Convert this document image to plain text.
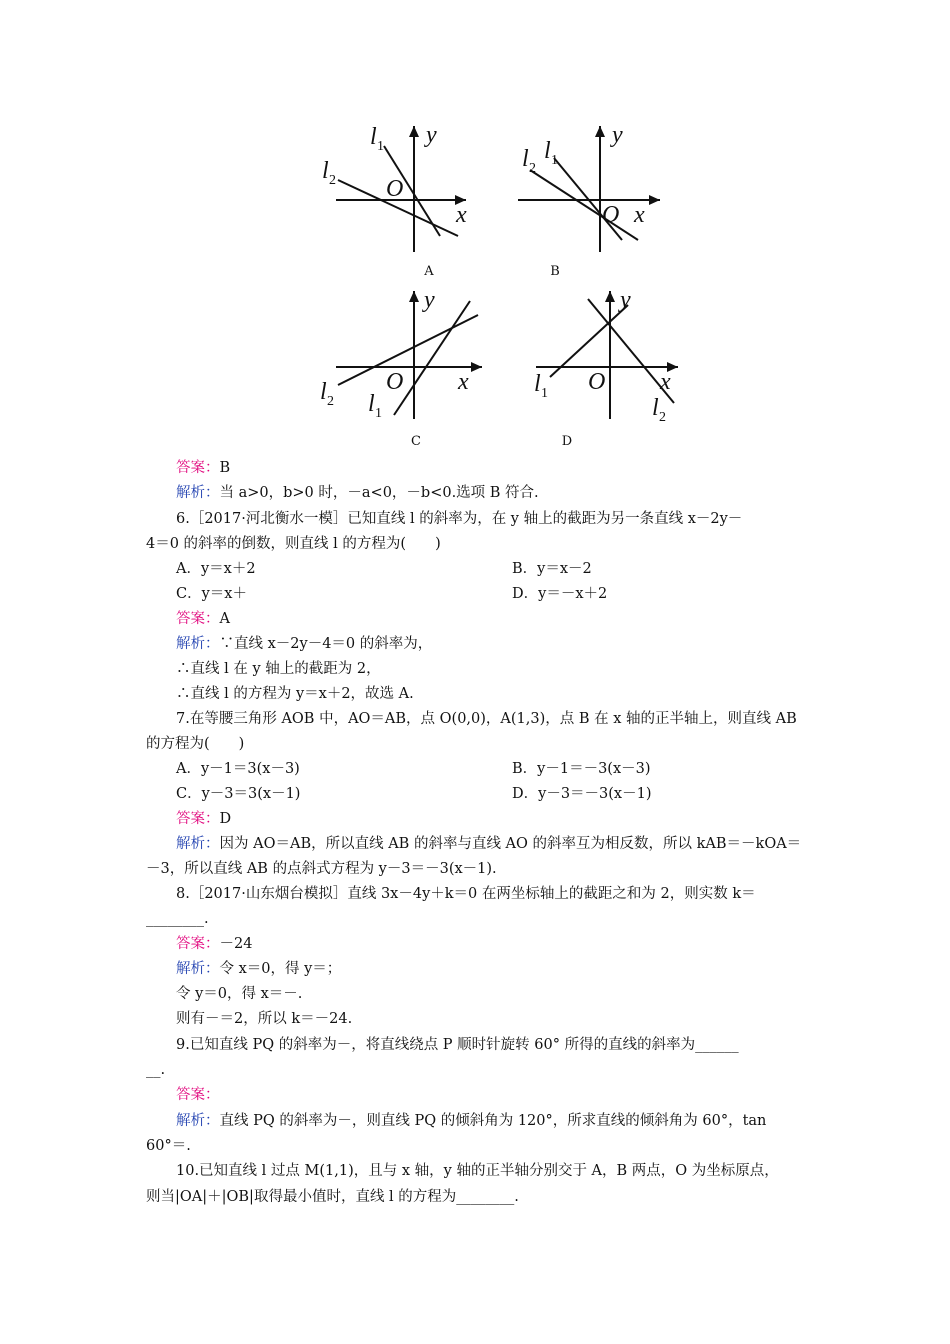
y
x
O
l 1
l 2
A
y
x
O
l 1
l 2
B
y
x
O
l 1
l 2
C
y
x
O
l 1
l 2
D
答案：B
解析：当 a>0，b>0 时，－a<0，－b<0.选项 B 符合.
6.［2017·河北衡水一模］已知直线 l 的斜率为，在 y 轴上的截距为另一条直线 x－2y－
4＝0 的斜率的倒数，则直线 l 的方程为(　　)
A．y＝x＋2	B．y＝x－2
C．y＝x＋	D．y＝－x＋2
答案：A
解析：∵直线 x－2y－4＝0 的斜率为，
∴直线 l 在 y 轴上的截距为 2，
∴直线 l 的方程为 y＝x＋2，故选 A.
7.在等腰三角形 AOB 中，AO＝AB，点 O(0,0)，A(1,3)，点 B 在 x 轴的正半轴上，则直线 AB
的方程为(　　)
A．y－1＝3(x－3)	B．y－1＝－3(x－3)
C．y－3＝3(x－1)	D．y－3＝－3(x－1)
答案：D
解析：因为 AO＝AB，所以直线 AB 的斜率与直线 AO 的斜率互为相反数，所以 kAB＝－kOA＝
－3，所以直线 AB 的点斜式方程为 y－3＝－3(x－1).
8.［2017·山东烟台模拟］直线 3x－4y＋k＝0 在两坐标轴上的截距之和为 2，则实数 k＝
________.
答案：－24
解析：令 x＝0，得 y＝；
令 y＝0，得 x＝－.
则有－＝2，所以 k＝－24.
9.已知直线 PQ 的斜率为－，将直线绕点 P 顺时针旋转 60° 所得的直线的斜率为______
__.
答案：
解析：直线 PQ 的斜率为－，则直线 PQ 的倾斜角为 120°，所求直线的倾斜角为 60°，tan
60°＝.
10.已知直线 l 过点 M(1,1)，且与 x 轴，y 轴的正半轴分别交于 A，B 两点，O 为坐标原点，
则当|OA|＋|OB|取得最小值时，直线 l 的方程为________.
